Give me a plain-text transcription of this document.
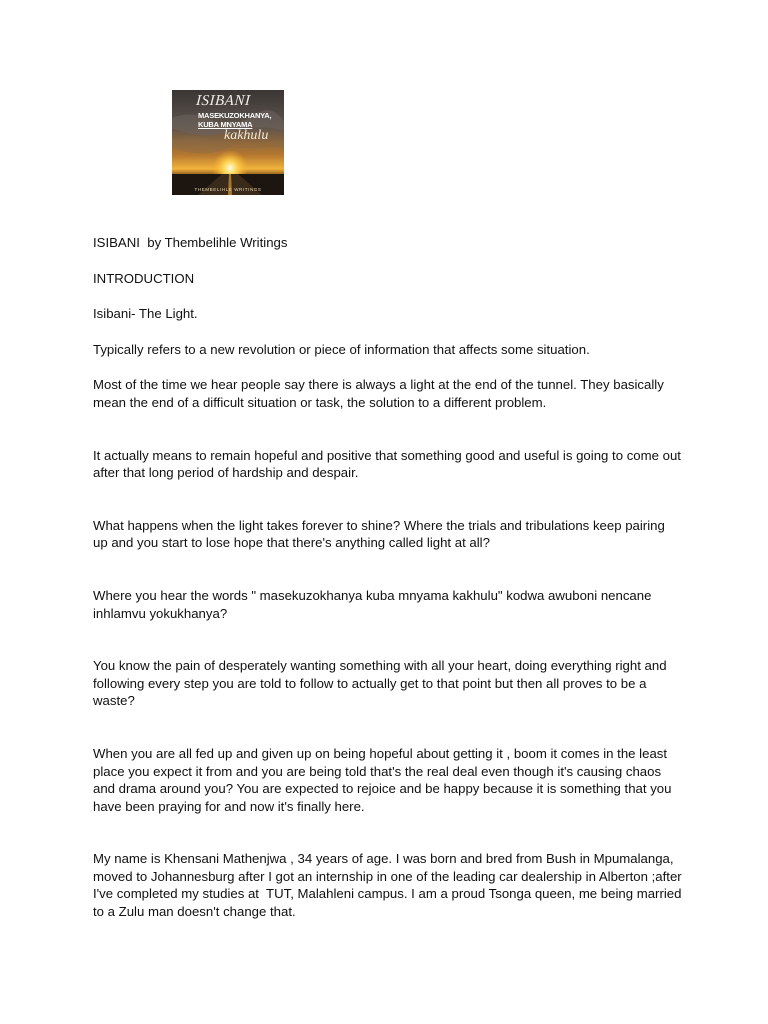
ISIBANI
MASEKUZOKHANYA,
KUBA MNYAMA
kakhulu
THEMBELIHLE WRITINGS

ISIBANI  by Thembelihle Writings

INTRODUCTION

Isibani- The Light.

Typically refers to a new revolution or piece of information that affects some situation.

Most of the time we hear people say there is always a light at the end of the tunnel. They basically mean the end of a difficult situation or task, the solution to a different problem.

It actually means to remain hopeful and positive that something good and useful is going to come out after that long period of hardship and despair.

What happens when the light takes forever to shine? Where the trials and tribulations keep pairing up and you start to lose hope that there's anything called light at all?

Where you hear the words " masekuzokhanya kuba mnyama kakhulu" kodwa awuboni nencane inhlamvu yokukhanya?

You know the pain of desperately wanting something with all your heart, doing everything right and following every step you are told to follow to actually get to that point but then all proves to be a waste?

When you are all fed up and given up on being hopeful about getting it , boom it comes in the least place you expect it from and you are being told that's the real deal even though it's causing chaos and drama around you? You are expected to rejoice and be happy because it is something that you have been praying for and now it's finally here.

My name is Khensani Mathenjwa , 34 years of age. I was born and bred from Bush in Mpumalanga, moved to Johannesburg after I got an internship in one of the leading car dealership in Alberton ;after I've completed my studies at  TUT, Malahleni campus. I am a proud Tsonga queen, me being married to a Zulu man doesn't change that.
